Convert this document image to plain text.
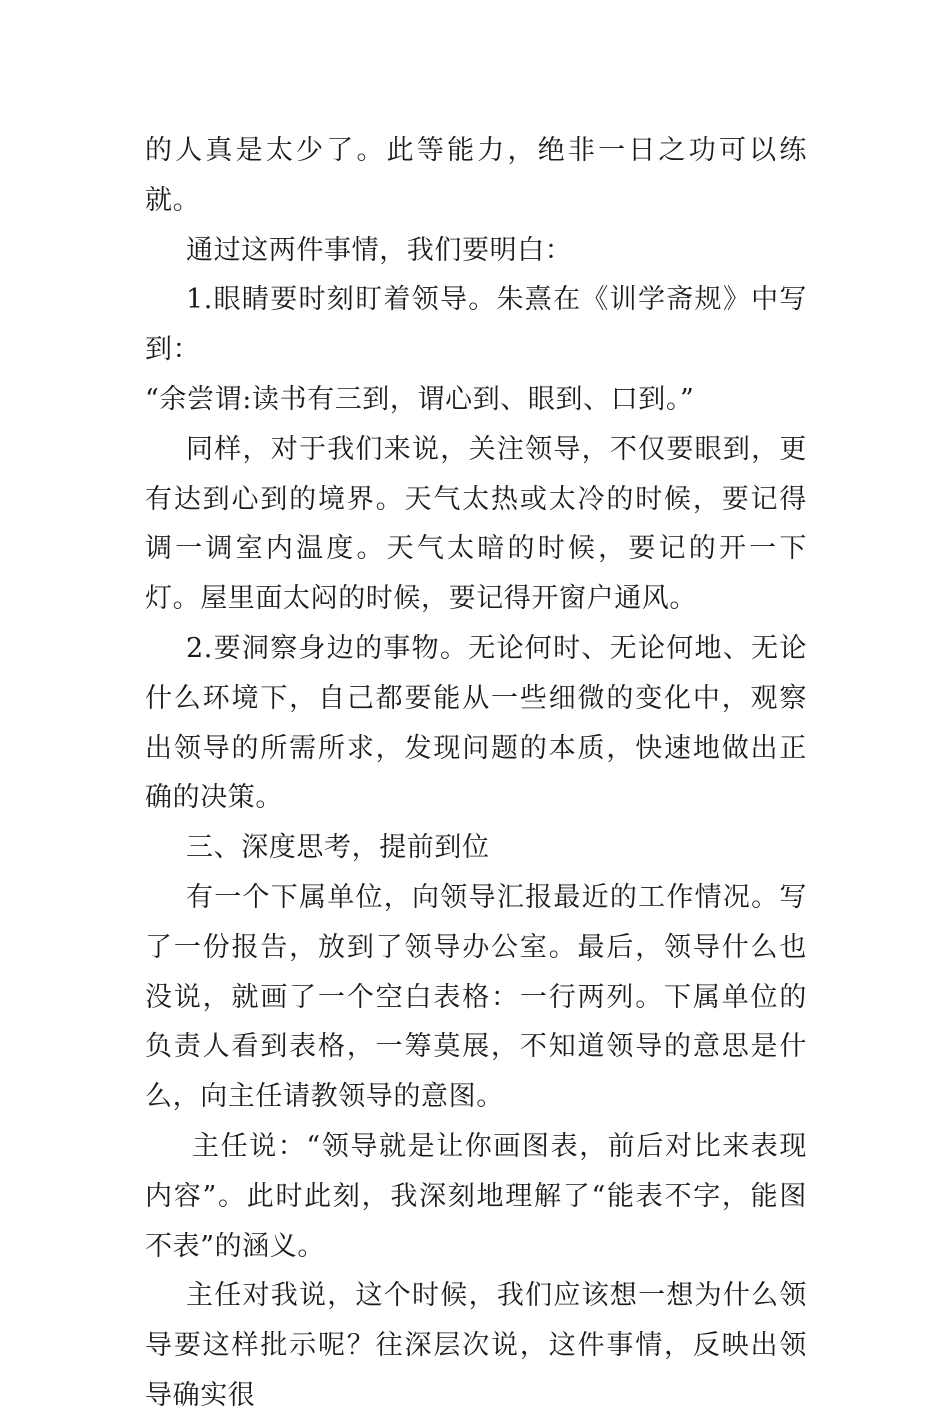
的人真是太少了。此等能力，绝非一日之功可以练就。

通过这两件事情，我们要明白：

1.眼睛要时刻盯着领导。朱熹在《训学斋规》中写到：

“余尝谓:读书有三到，谓心到、眼到、口到。”

同样，对于我们来说，关注领导，不仅要眼到，更有达到心到的境界。天气太热或太冷的时候，要记得调一调室内温度。天气太暗的时候，要记的开一下灯。屋里面太闷的时候，要记得开窗户通风。

2.要洞察身边的事物。无论何时、无论何地、无论什么环境下，自己都要能从一些细微的变化中，观察出领导的所需所求，发现问题的本质，快速地做出正确的决策。

三、深度思考，提前到位

有一个下属单位，向领导汇报最近的工作情况。写了一份报告，放到了领导办公室。最后，领导什么也没说，就画了一个空白表格：一行两列。下属单位的负责人看到表格，一筹莫展，不知道领导的意思是什么，向主任请教领导的意图。

主任说：“领导就是让你画图表，前后对比来表现内容”。此时此刻，我深刻地理解了“能表不字，能图不表”的涵义。

主任对我说，这个时候，我们应该想一想为什么领导要这样批示呢？往深层次说，这件事情，反映出领导确实很
